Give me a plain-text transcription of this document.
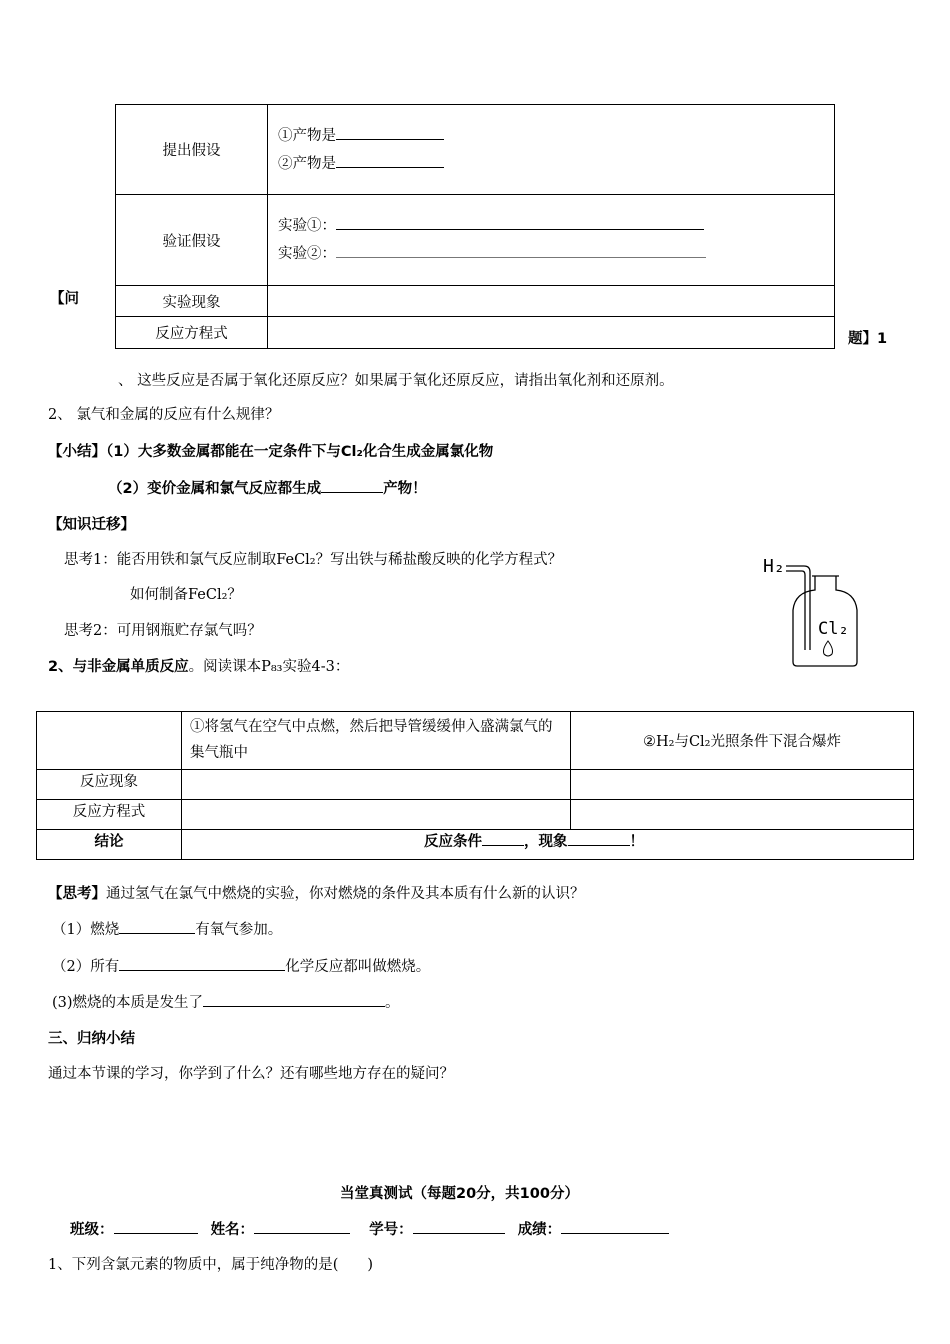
提出假设	①产物是
②产物是

验证假设	实验①：
实验②：

实验现象	
反应方程式	
【问
题】1
、 这些反应是否属于氧化还原反应？如果属于氧化还原反应，请指出氧化剂和还原剂。
2、 氯气和金属的反应有什么规律？
【小结】（1）大多数金属都能在一定条件下与Cl₂化合生成金属氯化物
（2）变价金属和氯气反应都生成	产物！
【知识迁移】
思考1：能否用铁和氯气反应制取FeCl₂？写出铁与稀盐酸反映的化学方程式？
如何制备FeCl₂？
思考2：可用钢瓶贮存氯气吗？
H₂
Cl₂
2、与非金属单质反应。阅读课本P₈₃实验4-3：
	①将氢气在空气中点燃，然后把导管缓缓伸入盛满氯气的集气瓶中	②H₂与Cl₂光照条件下混合爆炸
反应现象		
反应方程式		
结论	反应条件 ，现象 ！	
【思考】通过氢气在氯气中燃烧的实验，你对燃烧的条件及其本质有什么新的认识？
（1）燃烧	有氧气参加。
（2）所有	化学反应都叫做燃烧。
(3)燃烧的本质是发生了	。
三、归纳小结
通过本节课的学习，你学到了什么？还有哪些地方存在的疑问？
当堂真测试（每题20分，共100分）
班级：	姓名：	学号：	成绩：
1、下列含氯元素的物质中，属于纯净物的是(　　)
